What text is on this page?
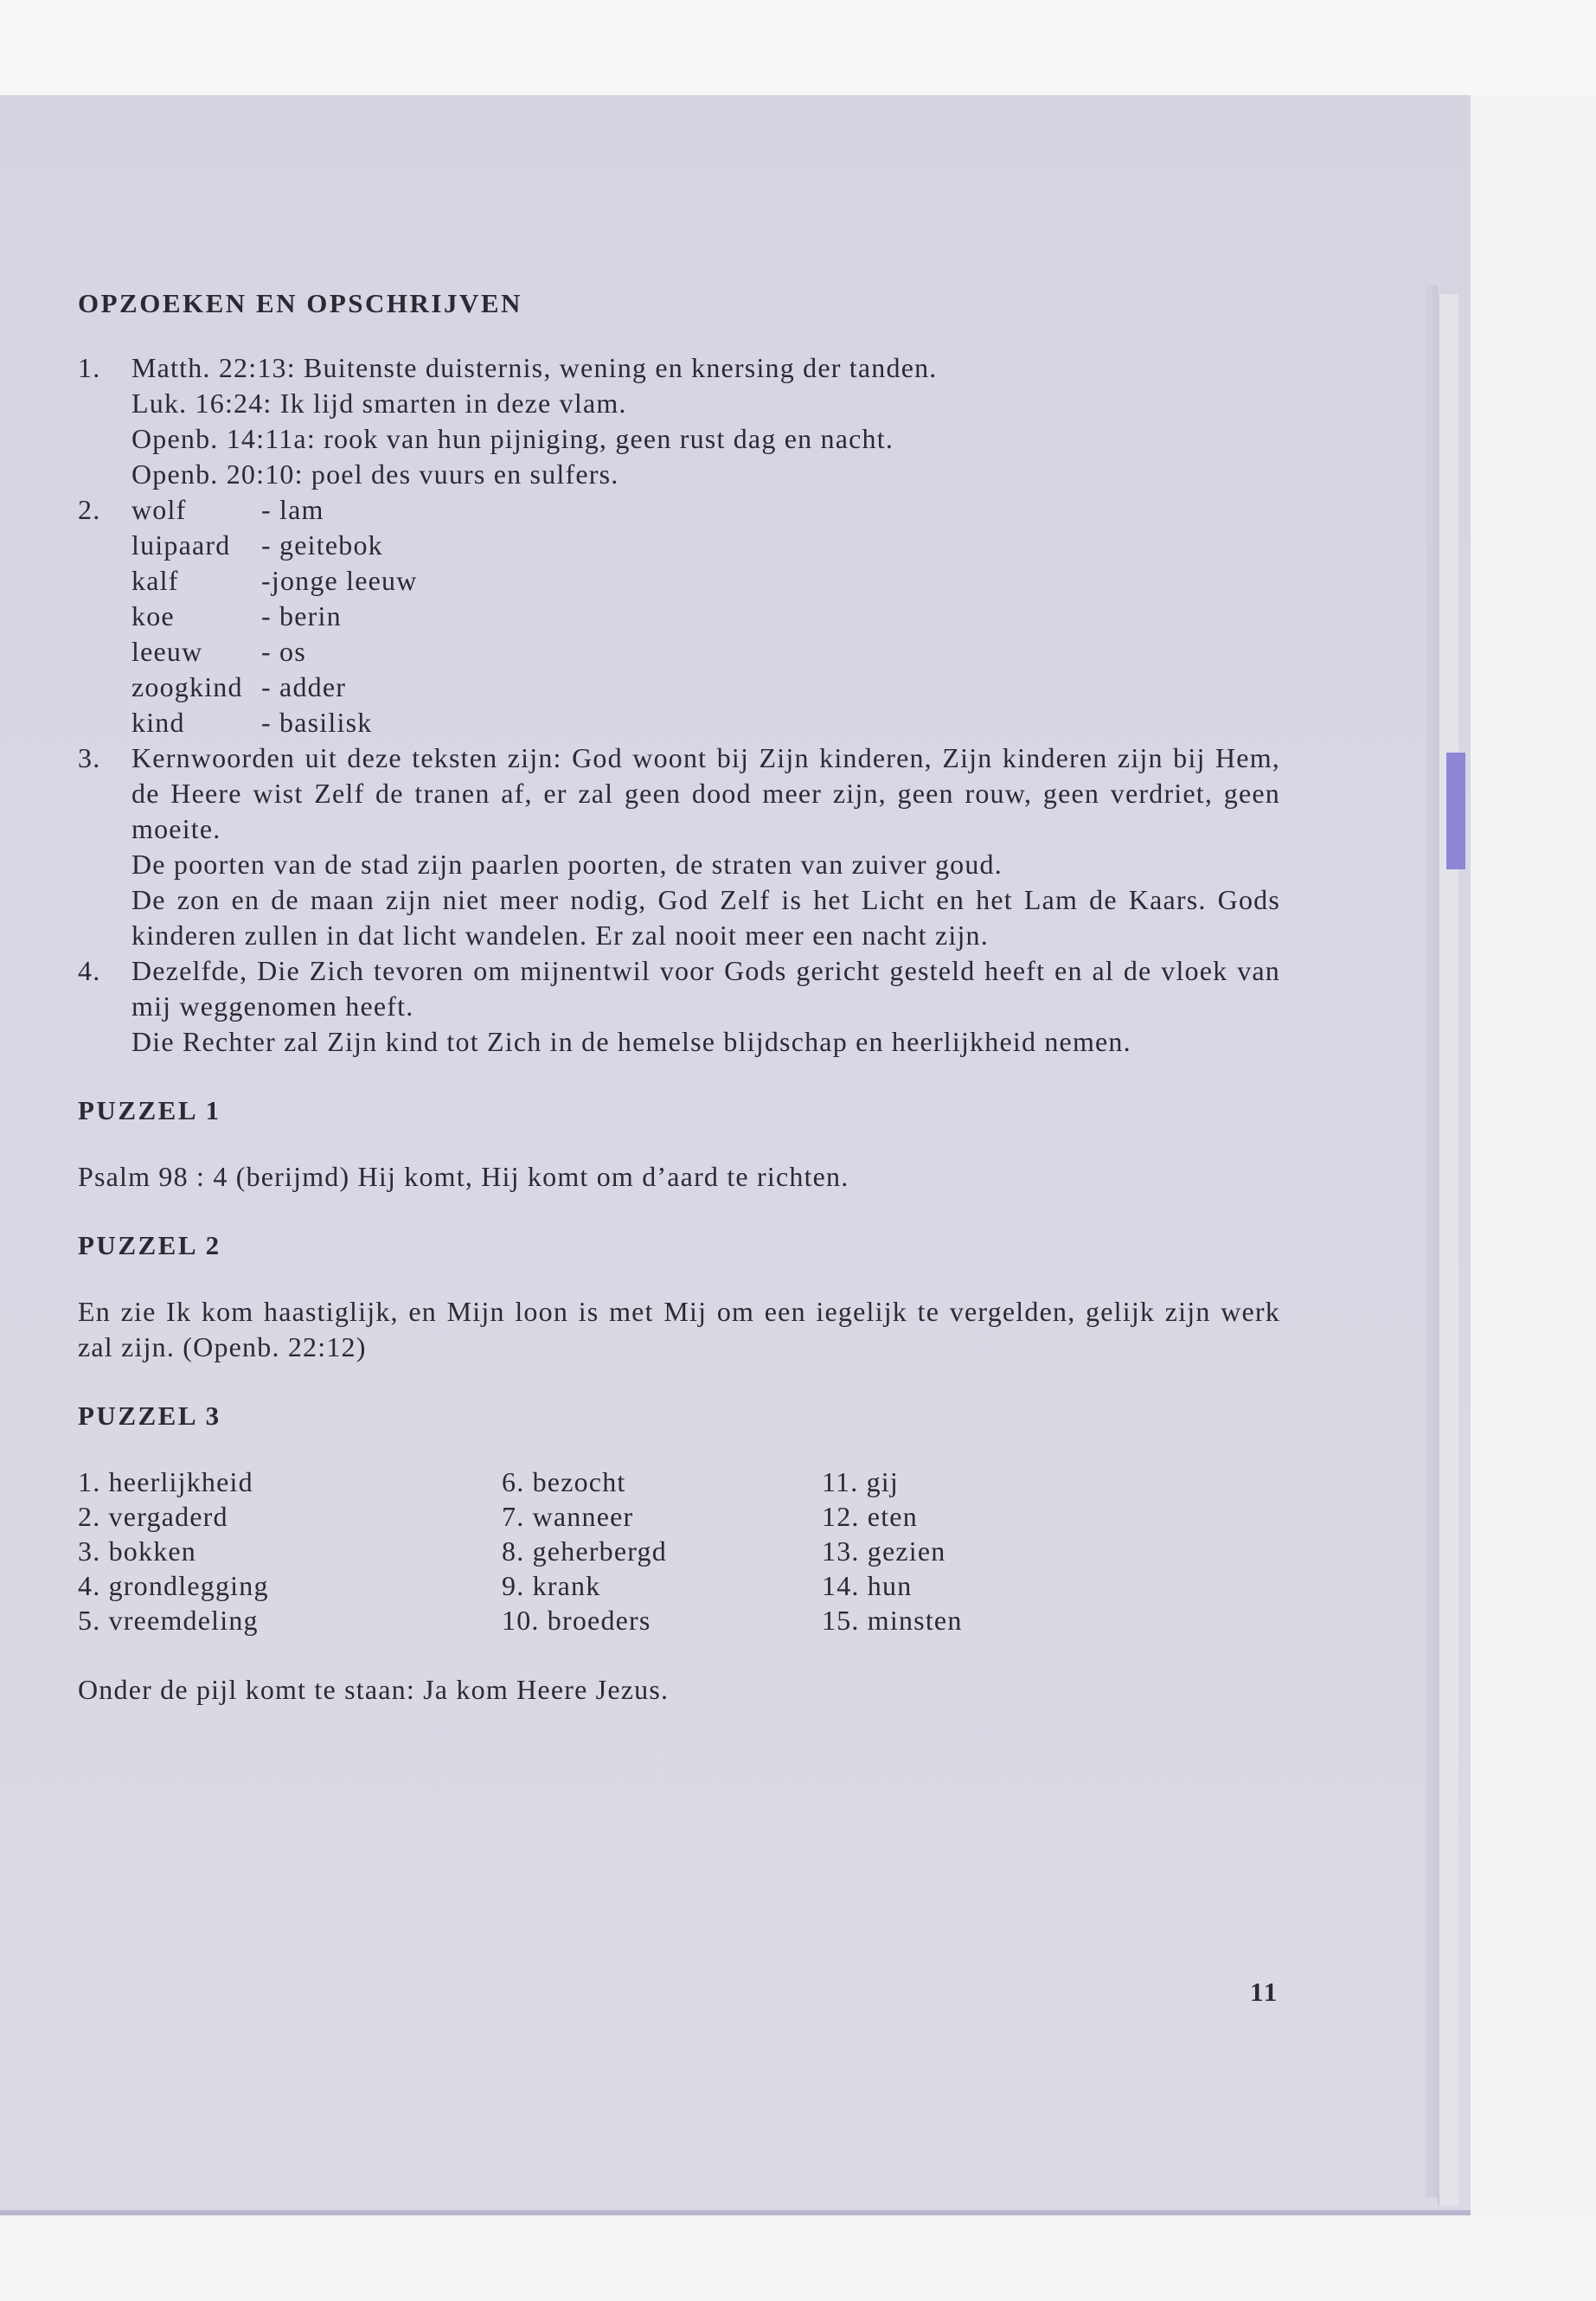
OPZOEKEN EN OPSCHRIJVEN
1. Matth. 22:13: Buitenste duisternis, wening en knersing der tanden.
Luk. 16:24: Ik lijd smarten in deze vlam.
Openb. 14:11a: rook van hun pijniging, geen rust dag en nacht.
Openb. 20:10: poel des vuurs en sulfers.
2. wolf	- lam
luipaard	- geitebok
kalf	-jonge leeuw
koe	- berin
leeuw	- os
zoogkind - adder
kind	- basilisk
3. Kernwoorden uit deze teksten zijn: God woont bij Zijn kinderen, Zijn kinderen zijn bij Hem, de Heere wist Zelf de tranen af, er zal geen dood meer zijn, geen rouw, geen verdriet, geen moeite.
De poorten van de stad zijn paarlen poorten, de straten van zuiver goud.
De zon en de maan zijn niet meer nodig, God Zelf is het Licht en het Lam de Kaars. Gods kinderen zullen in dat licht wandelen. Er zal nooit meer een nacht zijn.
4. Dezelfde, Die Zich tevoren om mijnentwil voor Gods gericht gesteld heeft en al de vloek van mij weggenomen heeft.
Die Rechter zal Zijn kind tot Zich in de hemelse blijdschap en heerlijkheid nemen.
PUZZEL 1
Psalm 98 : 4 (berijmd) Hij komt, Hij komt om d’aard te richten.
PUZZEL 2
En zie Ik kom haastiglijk, en Mijn loon is met Mij om een iegelijk te vergelden, gelijk zijn werk zal zijn. (Openb. 22:12)
PUZZEL 3
1. heerlijkheid
2. vergaderd
3. bokken
4. grondlegging
5. vreemdeling
6. bezocht
7. wanneer
8. geherbergd
9. krank
10. broeders
11. gij
12. eten
13. gezien
14. hun
15. minsten
Onder de pijl komt te staan: Ja kom Heere Jezus.
11
